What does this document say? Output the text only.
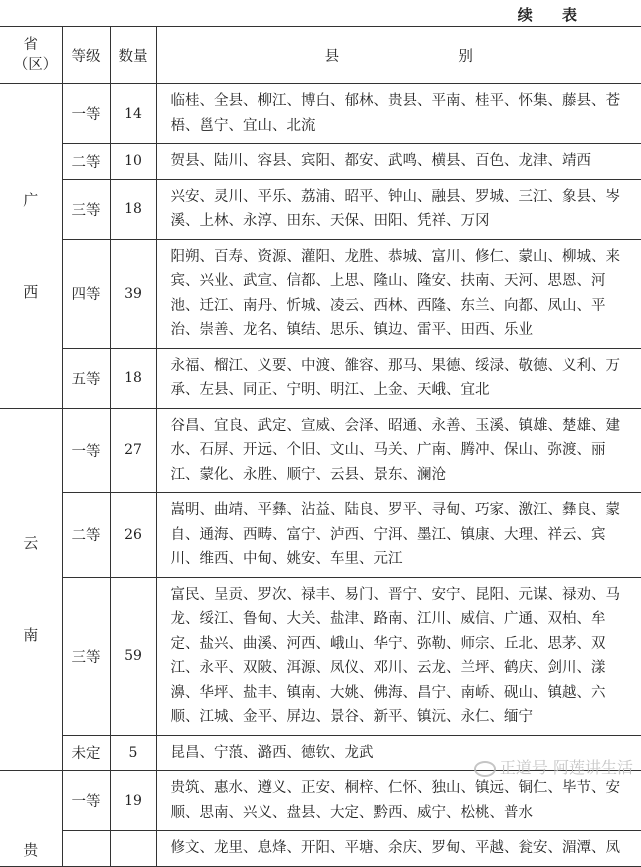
续 表
省（区）	等级	数量	县 别
广西	一等	14	临桂、全县、柳江、博白、郁林、贵县、平南、桂平、怀集、藤县、苍梧、邕宁、宜山、北流
	二等	10	贺县、陆川、容县、宾阳、都安、武鸣、横县、百色、龙津、靖西
	三等	18	兴安、灵川、平乐、荔浦、昭平、钟山、融县、罗城、三江、象县、岑溪、上林、永淳、田东、天保、田阳、凭祥、万冈
	四等	39	阳朔、百寿、资源、灌阳、龙胜、恭城、富川、修仁、蒙山、柳城、来宾、兴业、武宣、信都、上思、隆山、隆安、扶南、天河、思恩、河池、迁江、南丹、忻城、凌云、西林、西隆、东兰、向都、凤山、平治、崇善、龙名、镇结、思乐、镇边、雷平、田西、乐业
	五等	18	永福、榴江、义要、中渡、雒容、那马、果德、绥渌、敬德、义利、万承、左县、同正、宁明、明江、上金、天峨、宜北
云南	一等	27	谷昌、宜良、武定、宣威、会泽、昭通、永善、玉溪、镇雄、楚雄、建水、石屏、开远、个旧、文山、马关、广南、腾冲、保山、弥渡、丽江、蒙化、永胜、顺宁、云县、景东、澜沧
	二等	26	嵩明、曲靖、平彝、沾益、陆良、罗平、寻甸、巧家、激江、彝良、蒙自、通海、西畴、富宁、泸西、宁洱、墨江、镇康、大理、祥云、宾川、维西、中甸、姚安、车里、元江
	三等	59	富民、呈贡、罗次、禄丰、易门、晋宁、安宁、昆阳、元谋、禄劝、马龙、绥江、鲁甸、大关、盐津、路南、江川、威信、广通、双柏、牟定、盐兴、曲溪、河西、峨山、华宁、弥勒、师宗、丘北、思茅、双江、永平、双陂、洱源、凤仪、邓川、云龙、兰坪、鹤庆、剑川、漾濞、华坪、盐丰、镇南、大姚、佛海、昌宁、南峤、砚山、镇越、六顺、江城、金平、屏边、景谷、新平、镇沅、永仁、缅宁
	未定	5	昆昌、宁蒗、潞西、德钦、龙武
贵	一等	19	贵筑、惠水、遵义、正安、桐梓、仁怀、独山、镇远、铜仁、毕节、安顺、思南、兴义、盘县、大定、黔西、威宁、松桃、普水
			修文、龙里、息烽、开阳、平塘、余庆、罗甸、平越、瓮安、湄潭、凤
正道号 阿莲讲生活
